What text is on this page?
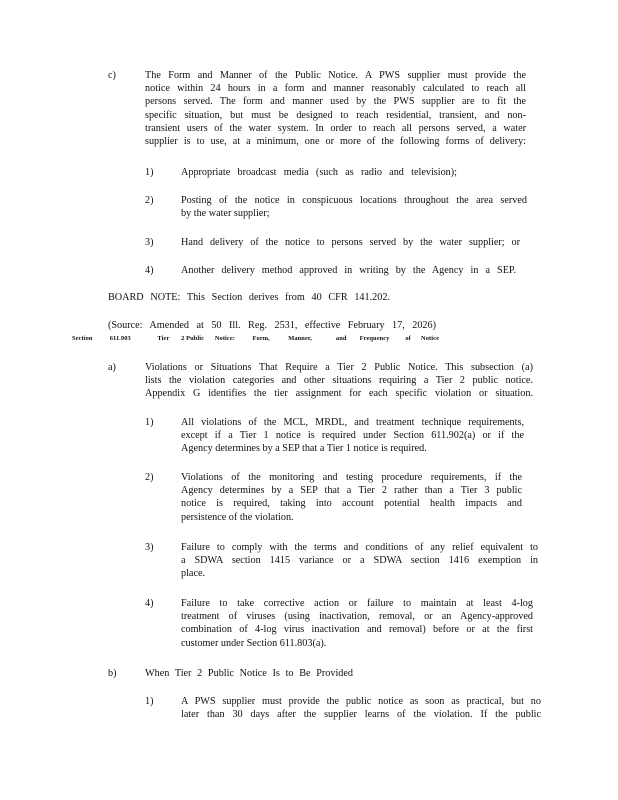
c)	The Form and Manner of the Public Notice. A PWS supplier must provide the
notice within 24 hours in a form and manner reasonably calculated to reach all
persons served. The form and manner used by the PWS supplier are to fit the
specific situation, but must be designed to reach residential, transient, and non-
transient users of the water system. In order to reach all persons served, a water
supplier is to use, at a minimum, one or more of the following forms of delivery:
1)	Appropriate broadcast media (such as radio and television);
2)	Posting of the notice in conspicuous locations throughout the area served
by the water supplier;
3)	Hand delivery of the notice to persons served by the water supplier; or
4)	Another delivery method approved in writing by the Agency in a SEP.
BOARD NOTE: This Section derives from 40 CFR 141.202.
(Source: Amended at 50 Ill. Reg. 2531, effective February 17, 2026)
Section	611.903	Tier 2 Public Notice:	Form,	Manner,	and Frequency of Notice
a)	Violations or Situations That Require a Tier 2 Public Notice. This subsection (a)
lists the violation categories and other situations requiring a Tier 2 public notice.
Appendix G identifies the tier assignment for each specific violation or situation.
1)	All violations of the MCL, MRDL, and treatment technique requirements,
except if a Tier 1 notice is required under Section 611.902(a) or if the
Agency determines by a SEP that a Tier 1 notice is required.
2)	Violations of the monitoring and testing procedure requirements, if the
Agency determines by a SEP that a Tier 2 rather than a Tier 3 public
notice is required, taking into account potential health impacts and
persistence of the violation.
3)	Failure to comply with the terms and conditions of any relief equivalent to
a SDWA section 1415 variance or a SDWA section 1416 exemption in
place.
4)	Failure to take corrective action or failure to maintain at least 4-log
treatment of viruses (using inactivation, removal, or an Agency-approved
combination of 4-log virus inactivation and removal) before or at the first
customer under Section 611.803(a).
b)	When Tier 2 Public Notice Is to Be Provided
1)	A PWS supplier must provide the public notice as soon as practical, but no
later than 30 days after the supplier learns of the violation. If the public
